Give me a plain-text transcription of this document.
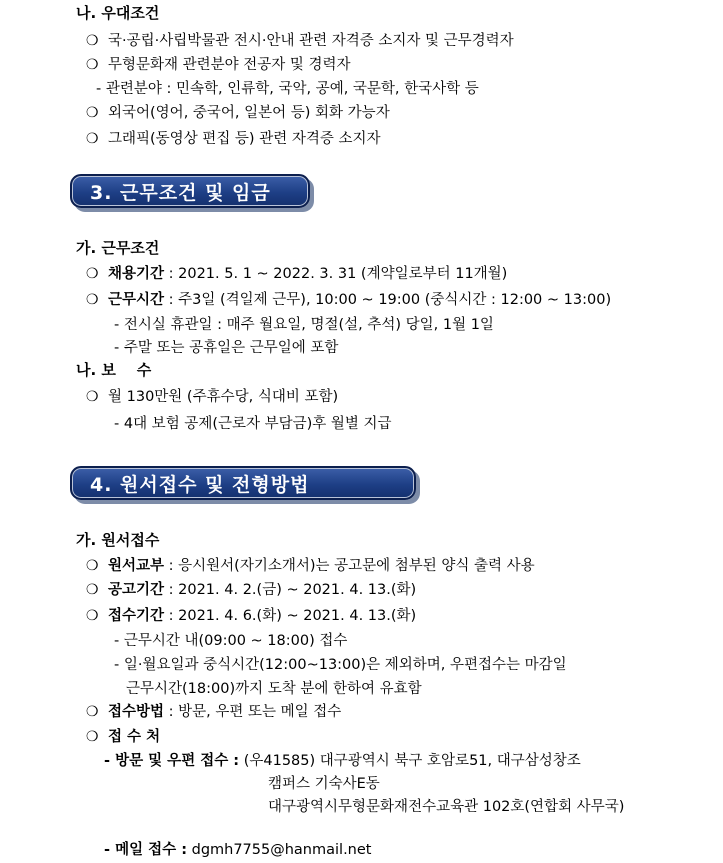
나. 우대조건
❍ 국·공립·사립박물관 전시·안내 관련 자격증 소지자 및 근무경력자
❍ 무형문화재 관련분야 전공자 및 경력자
- 관련분야 : 민속학, 인류학, 국악, 공예, 국문학, 한국사학 등
❍ 외국어(영어, 중국어, 일본어 등) 회화 가능자
❍ 그래픽(동영상 편집 등) 관련 자격증 소지자
3. 근무조건 및 임금
가. 근무조건
❍ 채용기간 : 2021. 5. 1 ~ 2022. 3. 31 (계약일로부터 11개월)
❍ 근무시간 : 주3일 (격일제 근무), 10:00 ~ 19:00 (중식시간 : 12:00 ~ 13:00)
- 전시실 휴관일 : 매주 월요일, 명절(설, 추석) 당일, 1월 1일
- 주말 또는 공휴일은 근무일에 포함
나. 보    수
❍ 월 130만원 (주휴수당, 식대비 포함)
- 4대 보험 공제(근로자 부담금)후 월별 지급
4. 원서접수 및 전형방법
가. 원서접수
❍ 원서교부 : 응시원서(자기소개서)는 공고문에 첨부된 양식 출력 사용
❍ 공고기간 : 2021. 4. 2.(금) ~ 2021. 4. 13.(화)
❍ 접수기간 : 2021. 4. 6.(화) ~ 2021. 4. 13.(화)
- 근무시간 내(09:00 ~ 18:00) 접수
- 일·월요일과 중식시간(12:00~13:00)은 제외하며, 우편접수는 마감일
근무시간(18:00)까지 도착 분에 한하여 유효함
❍ 접수방법 : 방문, 우편 또는 메일 접수
❍ 접 수 처
- 방문 및 우편 접수 : (우41585) 대구광역시 북구 호암로51, 대구삼성창조
캠퍼스 기숙사E동
대구광역시무형문화재전수교육관 102호(연합회 사무국)
- 메일 접수 : dgmh7755@hanmail.net
